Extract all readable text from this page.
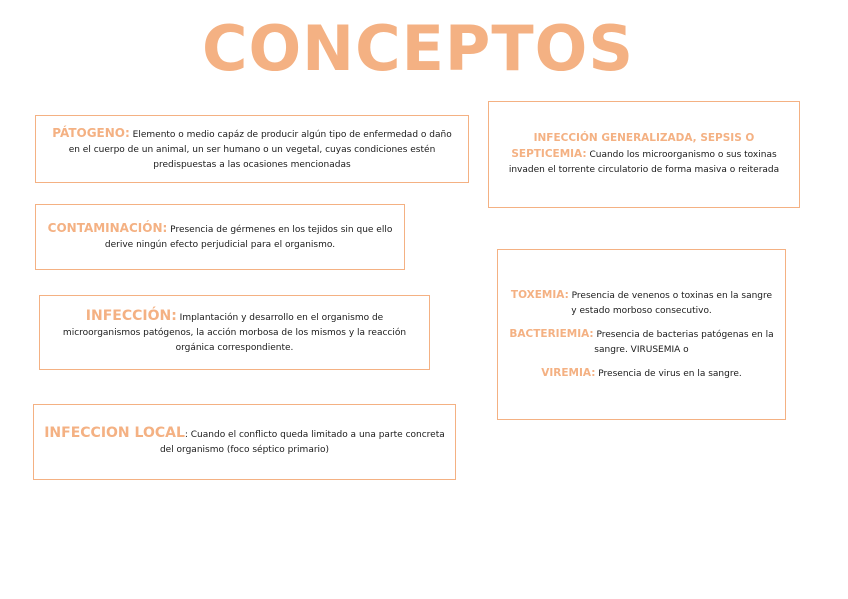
CONCEPTOS

PÁTOGENO: Elemento o medio capáz de producir algún tipo de enfermedad o daño en el cuerpo de un animal, un ser humano o un vegetal, cuyas condiciones estén predispuestas a las ocasiones mencionadas

INFECCIÓN GENERALIZADA, SEPSIS O SEPTICEMIA: Cuando los microorganismo o sus toxinas invaden el torrente circulatorio de forma masiva o reiterada

CONTAMINACIÓN: Presencia de gérmenes en los tejidos sin que ello derive ningún efecto perjudicial para el organismo.

INFECCIÓN: Implantación y desarrollo en el organismo de microorganismos patógenos, la acción morbosa de los mismos y la reacción orgánica correspondiente.

INFECCION LOCAL: Cuando el conflicto queda limitado a una parte concreta del organismo (foco séptico primario)

TOXEMIA: Presencia de venenos o toxinas en la sangre y estado morboso consecutivo.

BACTERIEMIA: Presencia de bacterias patógenas en la sangre. VIRUSEMIA o

VIREMIA: Presencia de virus en la sangre.
